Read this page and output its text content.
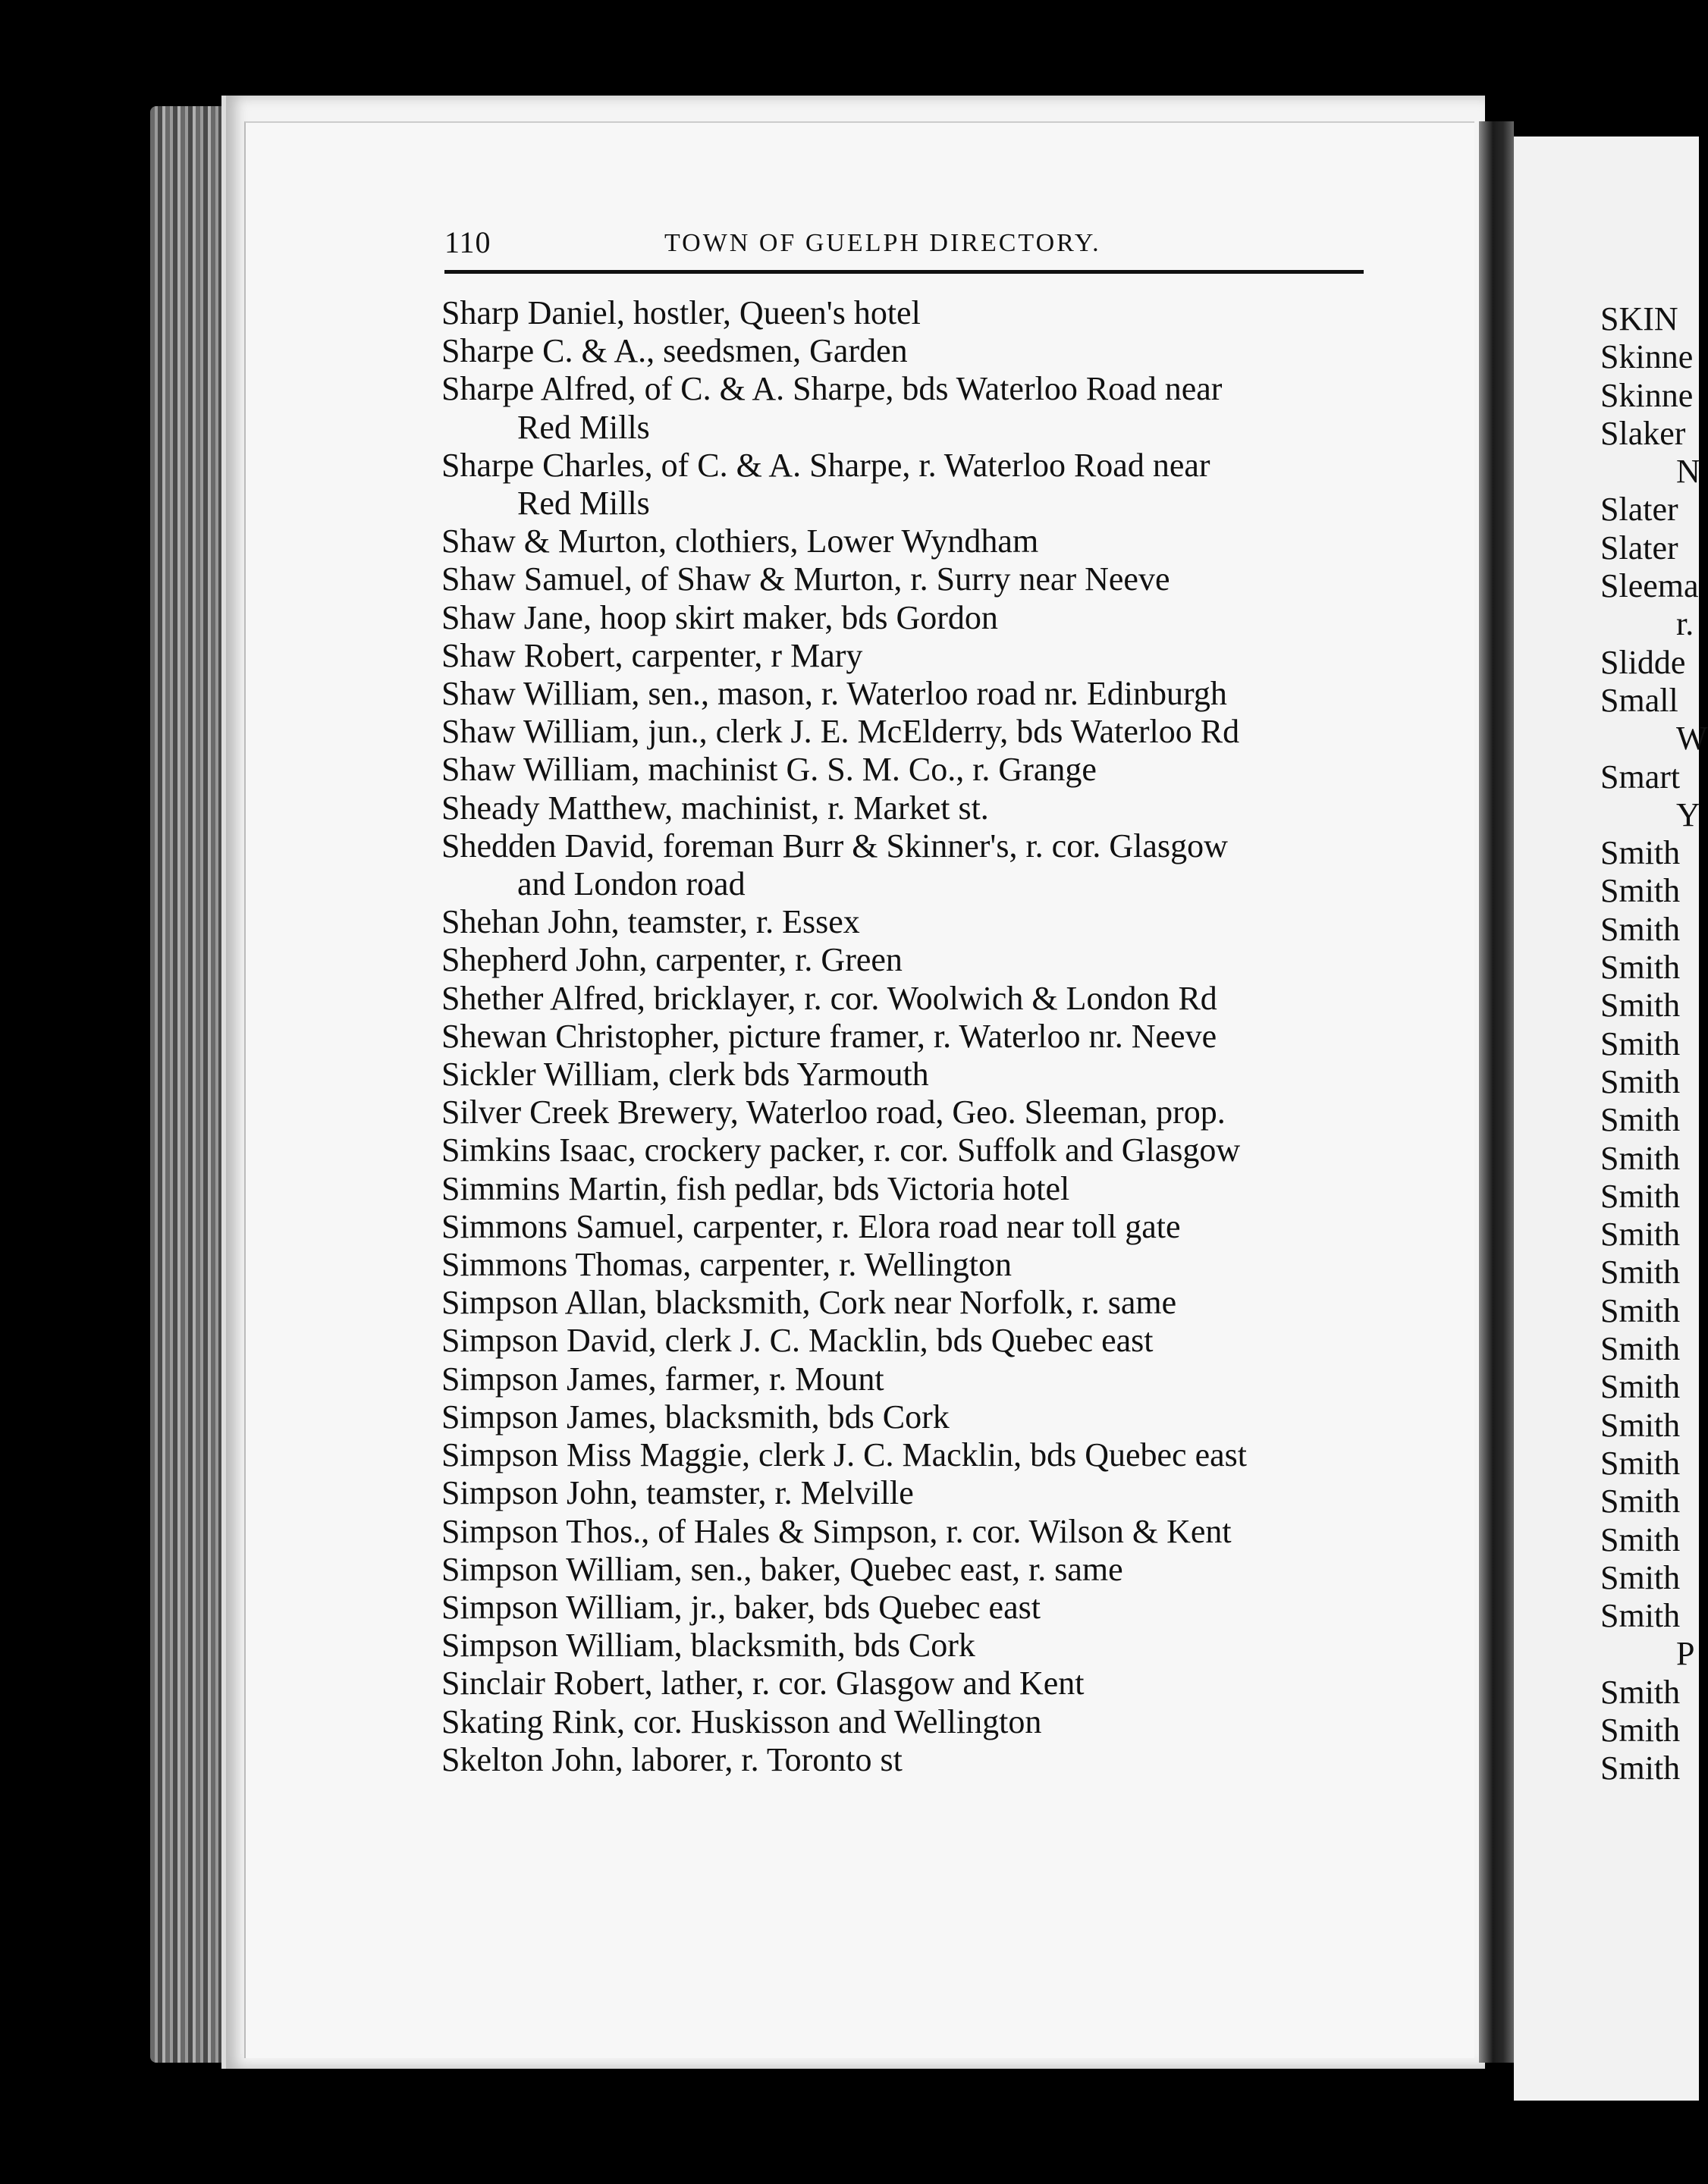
110	TOWN OF GUELPH DIRECTORY.
Sharp Daniel, hostler, Queen's hotel
Sharpe C. & A., seedsmen, Garden
Sharpe Alfred, of C. & A. Sharpe, bds Waterloo Road near
Red Mills
Sharpe Charles, of C. & A. Sharpe, r. Waterloo Road near
Red Mills
Shaw & Murton, clothiers, Lower Wyndham
Shaw Samuel, of Shaw & Murton, r. Surry near Neeve
Shaw Jane, hoop skirt maker, bds Gordon
Shaw Robert, carpenter, r Mary
Shaw William, sen., mason, r. Waterloo road nr. Edinburgh
Shaw William, jun., clerk J. E. McElderry, bds Waterloo Rd
Shaw William, machinist G. S. M. Co., r. Grange
Sheady Matthew, machinist, r. Market st.
Shedden David, foreman Burr & Skinner's, r. cor. Glasgow
and London road
Shehan John, teamster, r. Essex
Shepherd John, carpenter, r. Green
Shether Alfred, bricklayer, r. cor. Woolwich & London Rd
Shewan Christopher, picture framer, r. Waterloo nr. Neeve
Sickler William, clerk bds Yarmouth
Silver Creek Brewery, Waterloo road, Geo. Sleeman, prop.
Simkins Isaac, crockery packer, r. cor. Suffolk and Glasgow
Simmins Martin, fish pedlar, bds Victoria hotel
Simmons Samuel, carpenter, r. Elora road near toll gate
Simmons Thomas, carpenter, r. Wellington
Simpson Allan, blacksmith, Cork near Norfolk, r. same
Simpson David, clerk J. C. Macklin, bds Quebec east
Simpson James, farmer, r. Mount
Simpson James, blacksmith, bds Cork
Simpson Miss Maggie, clerk J. C. Macklin, bds Quebec east
Simpson John, teamster, r. Melville
Simpson Thos., of Hales & Simpson, r. cor. Wilson & Kent
Simpson William, sen., baker, Quebec east, r. same
Simpson William, jr., baker, bds Quebec east
Simpson William, blacksmith, bds Cork
Sinclair Robert, lather, r. cor. Glasgow and Kent
Skating Rink, cor. Huskisson and Wellington
Skelton John, laborer, r. Toronto st
SKIN
Skinne
Skinne
Slaker
N
Slater
Slater
Sleema
r.
Slidde
Small
W
Smart
Y
Smith
Smith
Smith
Smith
Smith
Smith
Smith
Smith
Smith
Smith
Smith
Smith
Smith
Smith
Smith
Smith
Smith
Smith
Smith
Smith
Smith
P
Smith
Smith
Smith
